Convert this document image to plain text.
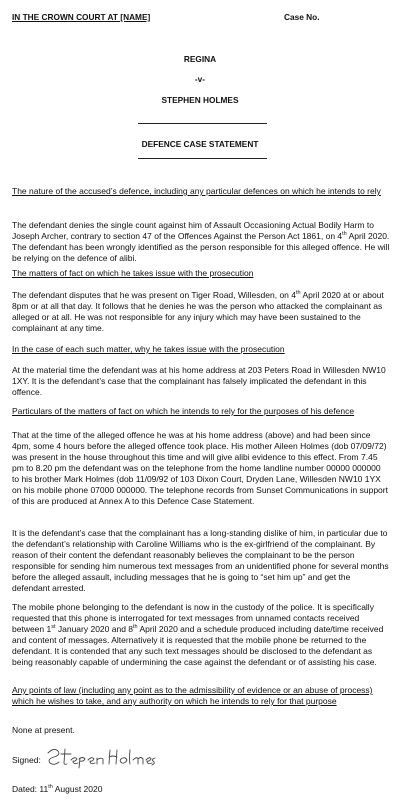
IN THE CROWN COURT AT [NAME]	Case No.
REGINA
-v-
STEPHEN HOLMES
DEFENCE CASE STATEMENT

The nature of the accused’s defence, including any particular defences on which he intends to rely

The defendant denies the single count against him of Assault Occasioning Actual Bodily Harm to Joseph Archer, contrary to section 47 of the Offences Against the Person Act 1861, on 4th April 2020. The defendant has been wrongly identified as the person responsible for this alleged offence. He will be relying on the defence of alibi.

The matters of fact on which he takes issue with the prosecution

The defendant disputes that he was present on Tiger Road, Willesden, on 4th April 2020 at or about 8pm or at all that day. It follows that he denies he was the person who attacked the complainant as alleged or at all. He was not responsible for any injury which may have been sustained to the complainant at any time.

In the case of each such matter, why he takes issue with the prosecution

At the material time the defendant was at his home address at 203 Peters Road in Willesden NW10 1XY. It is the defendant’s case that the complainant has falsely implicated the defendant in this offence.

Particulars of the matters of fact on which he intends to rely for the purposes of his defence

That at the time of the alleged offence he was at his home address (above) and had been since 4pm, some 4 hours before the alleged offence took place. His mother Aileen Holmes (dob 07/09/72) was present in the house throughout this time and will give alibi evidence to this effect. From 7.45 pm to 8.20 pm the defendant was on the telephone from the home landline number 00000 000000 to his brother Mark Holmes (dob 11/09/92 of 103 Dixon Court, Dryden Lane, Willesden NW10 1YX on his mobile phone 07000 000000. The telephone records from Sunset Communications in support of this are produced at Annex A to this Defence Case Statement.

It is the defendant’s case that the complainant has a long-standing dislike of him, in particular due to the defendant’s relationship with Caroline Williams who is the ex-girlfriend of the complainant. By reason of their content the defendant reasonably believes the complainant to be the person responsible for sending him numerous text messages from an unidentified phone for several months before the alleged assault, including messages that he is going to “set him up” and get the defendant arrested.

The mobile phone belonging to the defendant is now in the custody of the police. It is specifically requested that this phone is interrogated for text messages from unnamed contacts received between 1st January 2020 and 8th April 2020 and a schedule produced including date/time received and content of messages. Alternatively it is requested that the mobile phone be returned to the defendant. It is contended that any such text messages should be disclosed to the defendant as being reasonably capable of undermining the case against the defendant or of assisting his case.

Any points of law (including any point as to the admissibility of evidence or an abuse of process) which he wishes to take, and any authority on which he intends to rely for that purpose

None at present.

Signed:
Dated: 11th August 2020
